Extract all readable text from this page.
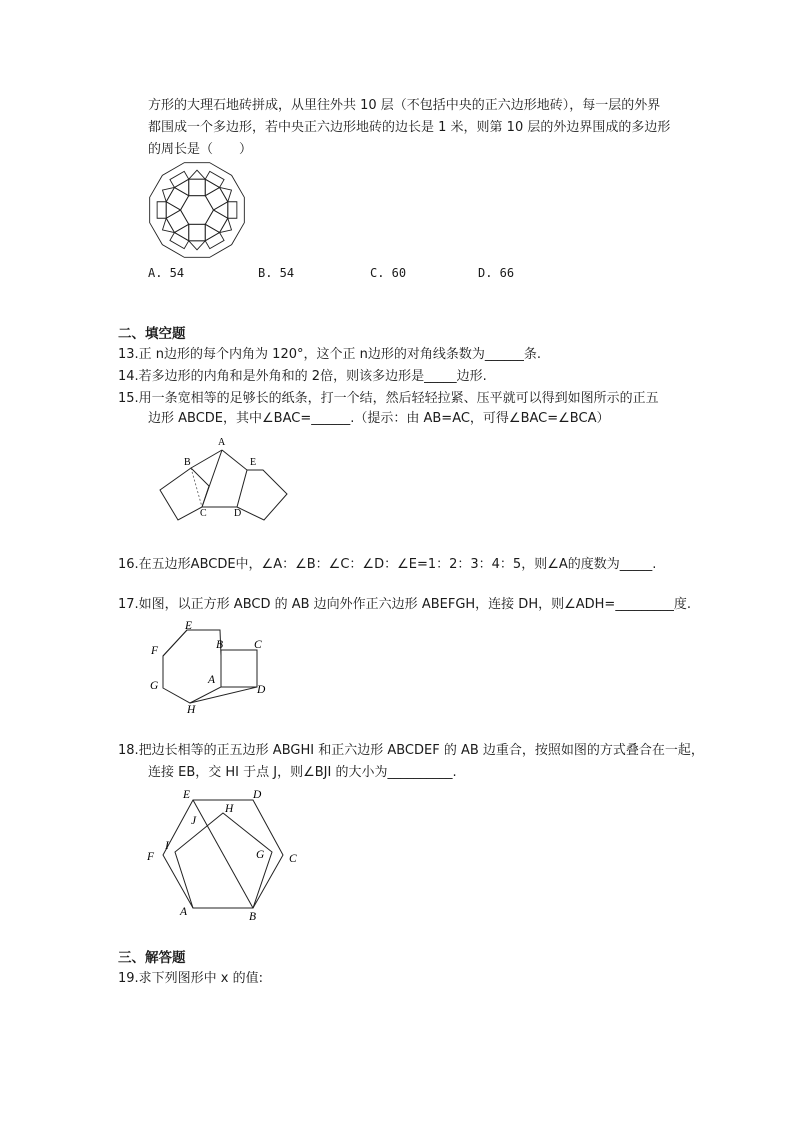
方形的大理石地砖拼成，从里往外共 10 层（不包括中央的正六边形地砖），每一层的外界
都围成一个多边形，若中央正六边形地砖的边长是 1 米，则第 10 层的外边界围成的多边形
的周长是（　　）
A. 54	B. 54	C. 60	D. 66
二、填空题
13.正 n边形的每个内角为 120°，这个正 n边形的对角线条数为______条.
14.若多边形的内角和是外角和的 2倍，则该多边形是_____边形.
15.用一条宽相等的足够长的纸条，打一个结，然后轻轻拉紧、压平就可以得到如图所示的正五
边形 ABCDE，其中∠BAC=______.（提示：由 AB=AC，可得∠BAC=∠BCA）
A
B
C	D
E
16.在五边形ABCDE中，∠A：∠B：∠C：∠D：∠E=1：2：3：4：5，则∠A的度数为_____.
17.如图，以正方形 ABCD 的 AB 边向外作正六边形 ABEFGH，连接 DH，则∠ADH=_________度.
E
B	C
F
A
G	D
H
18.把边长相等的正五边形 ABGHI 和正六边形 ABCDEF 的 AB 边重合，按照如图的方式叠合在一起，
连接 EB，交 HI 于点 J，则∠BJI 的大小为__________.
E	D
H
J
I
G
F	C
A	B
三、解答题
19.求下列图形中 x 的值:
